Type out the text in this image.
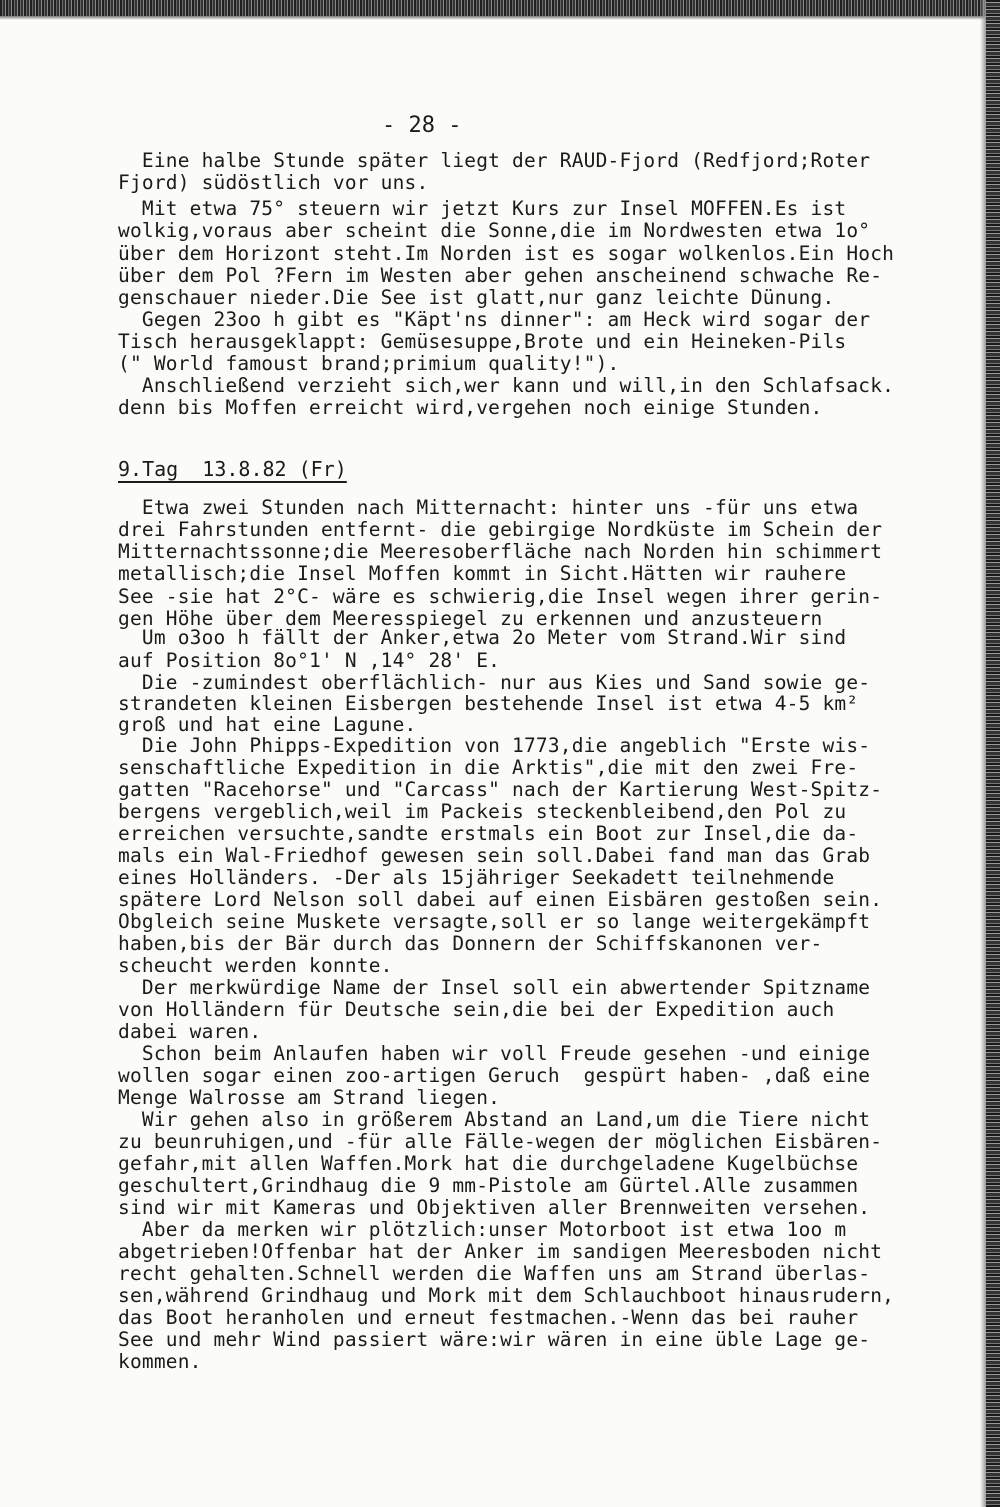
- 28 -
Eine halbe Stunde später liegt der RAUD-Fjord (Redfjord;Roter
Fjord) südöstlich vor uns.
Mit etwa 75° steuern wir jetzt Kurs zur Insel MOFFEN.Es ist
wolkig,voraus aber scheint die Sonne,die im Nordwesten etwa 1o°
über dem Horizont steht.Im Norden ist es sogar wolkenlos.Ein Hoch
über dem Pol ?Fern im Westen aber gehen anscheinend schwache Re-
genschauer nieder.Die See ist glatt,nur ganz leichte Dünung.
Gegen 23oo h gibt es "Käpt'ns dinner": am Heck wird sogar der
Tisch herausgeklappt: Gemüsesuppe,Brote und ein Heineken-Pils
(" World famoust brand;primium quality!").
Anschließend verzieht sich,wer kann und will,in den Schlafsack.
denn bis Moffen erreicht wird,vergehen noch einige Stunden.
9.Tag  13.8.82 (Fr)
Etwa zwei Stunden nach Mitternacht: hinter uns -für uns etwa
drei Fahrstunden entfernt- die gebirgige Nordküste im Schein der
Mitternachtssonne;die Meeresoberfläche nach Norden hin schimmert
metallisch;die Insel Moffen kommt in Sicht.Hätten wir rauhere
See -sie hat 2°C- wäre es schwierig,die Insel wegen ihrer gerin-
gen Höhe über dem Meeresspiegel zu erkennen und anzusteuern
Um o3oo h fällt der Anker,etwa 2o Meter vom Strand.Wir sind
auf Position 8o°1' N ,14° 28' E.
Die -zumindest oberflächlich- nur aus Kies und Sand sowie ge-
strandeten kleinen Eisbergen bestehende Insel ist etwa 4-5 km²
groß und hat eine Lagune.
Die John Phipps-Expedition von 1773,die angeblich "Erste wis-
senschaftliche Expedition in die Arktis",die mit den zwei Fre-
gatten "Racehorse" und "Carcass" nach der Kartierung West-Spitz-
bergens vergeblich,weil im Packeis steckenbleibend,den Pol zu
erreichen versuchte,sandte erstmals ein Boot zur Insel,die da-
mals ein Wal-Friedhof gewesen sein soll.Dabei fand man das Grab
eines Holländers. -Der als 15jähriger Seekadett teilnehmende
spätere Lord Nelson soll dabei auf einen Eisbären gestoßen sein.
Obgleich seine Muskete versagte,soll er so lange weitergekämpft
haben,bis der Bär durch das Donnern der Schiffskanonen ver-
scheucht werden konnte.
Der merkwürdige Name der Insel soll ein abwertender Spitzname
von Holländern für Deutsche sein,die bei der Expedition auch
dabei waren.
Schon beim Anlaufen haben wir voll Freude gesehen -und einige
wollen sogar einen zoo-artigen Geruch  gespürt haben- ,daß eine
Menge Walrosse am Strand liegen.
Wir gehen also in größerem Abstand an Land,um die Tiere nicht
zu beunruhigen,und -für alle Fälle-wegen der möglichen Eisbären-
gefahr,mit allen Waffen.Mork hat die durchgeladene Kugelbüchse
geschultert,Grindhaug die 9 mm-Pistole am Gürtel.Alle zusammen
sind wir mit Kameras und Objektiven aller Brennweiten versehen.
Aber da merken wir plötzlich:unser Motorboot ist etwa 1oo m
abgetrieben!Offenbar hat der Anker im sandigen Meeresboden nicht
recht gehalten.Schnell werden die Waffen uns am Strand überlas-
sen,während Grindhaug und Mork mit dem Schlauchboot hinausrudern,
das Boot heranholen und erneut festmachen.-Wenn das bei rauher
See und mehr Wind passiert wäre:wir wären in eine üble Lage ge-
kommen.
